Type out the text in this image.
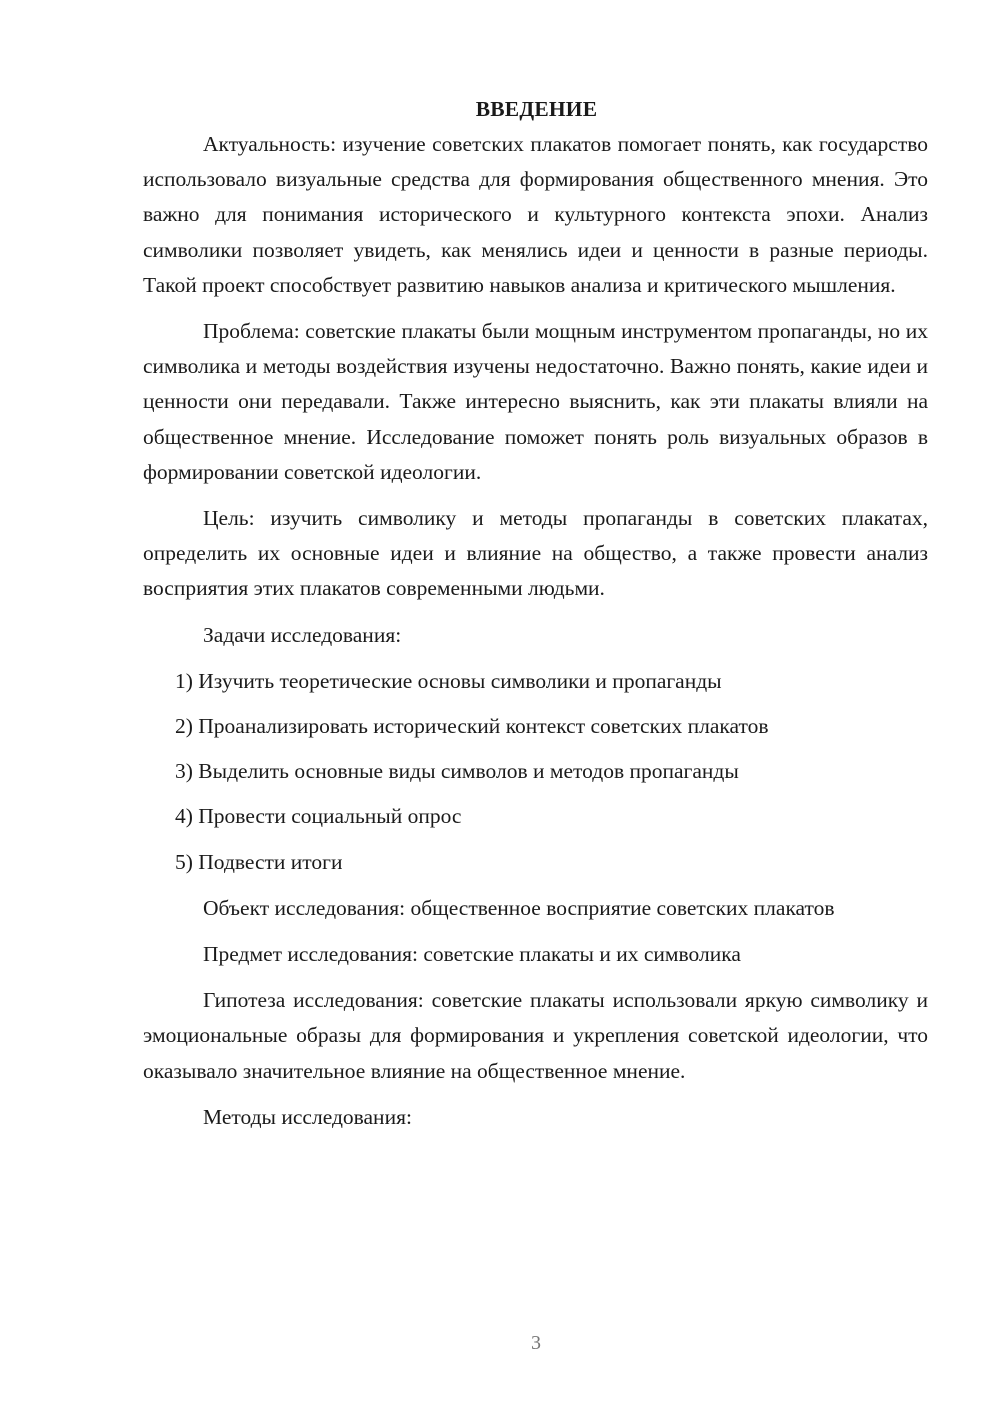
ВВЕДЕНИЕ

Актуальность: изучение советских плакатов помогает понять, как государство использовало визуальные средства для формирования общественного мнения. Это важно для понимания исторического и культурного контекста эпохи. Анализ символики позволяет увидеть, как менялись идеи и ценности в разные периоды. Такой проект способствует развитию навыков анализа и критического мышления.

Проблема: советские плакаты были мощным инструментом пропаганды, но их символика и методы воздействия изучены недостаточно. Важно понять, какие идеи и ценности они передавали. Также интересно выяснить, как эти плакаты влияли на общественное мнение. Исследование поможет понять роль визуальных образов в формировании советской идеологии.

Цель: изучить символику и методы пропаганды в советских плакатах, определить их основные идеи и влияние на общество, а также провести анализ восприятия этих плакатов современными людьми.

Задачи исследования:

1) Изучить теоретические основы символики и пропаганды
2) Проанализировать исторический контекст советских плакатов
3) Выделить основные виды символов и методов пропаганды
4) Провести социальный опрос
5) Подвести итоги

Объект исследования: общественное восприятие советских плакатов

Предмет исследования: советские плакаты и их символика

Гипотеза исследования: советские плакаты использовали яркую символику и эмоциональные образы для формирования и укрепления советской идеологии, что оказывало значительное влияние на общественное мнение.

Методы исследования:

3
